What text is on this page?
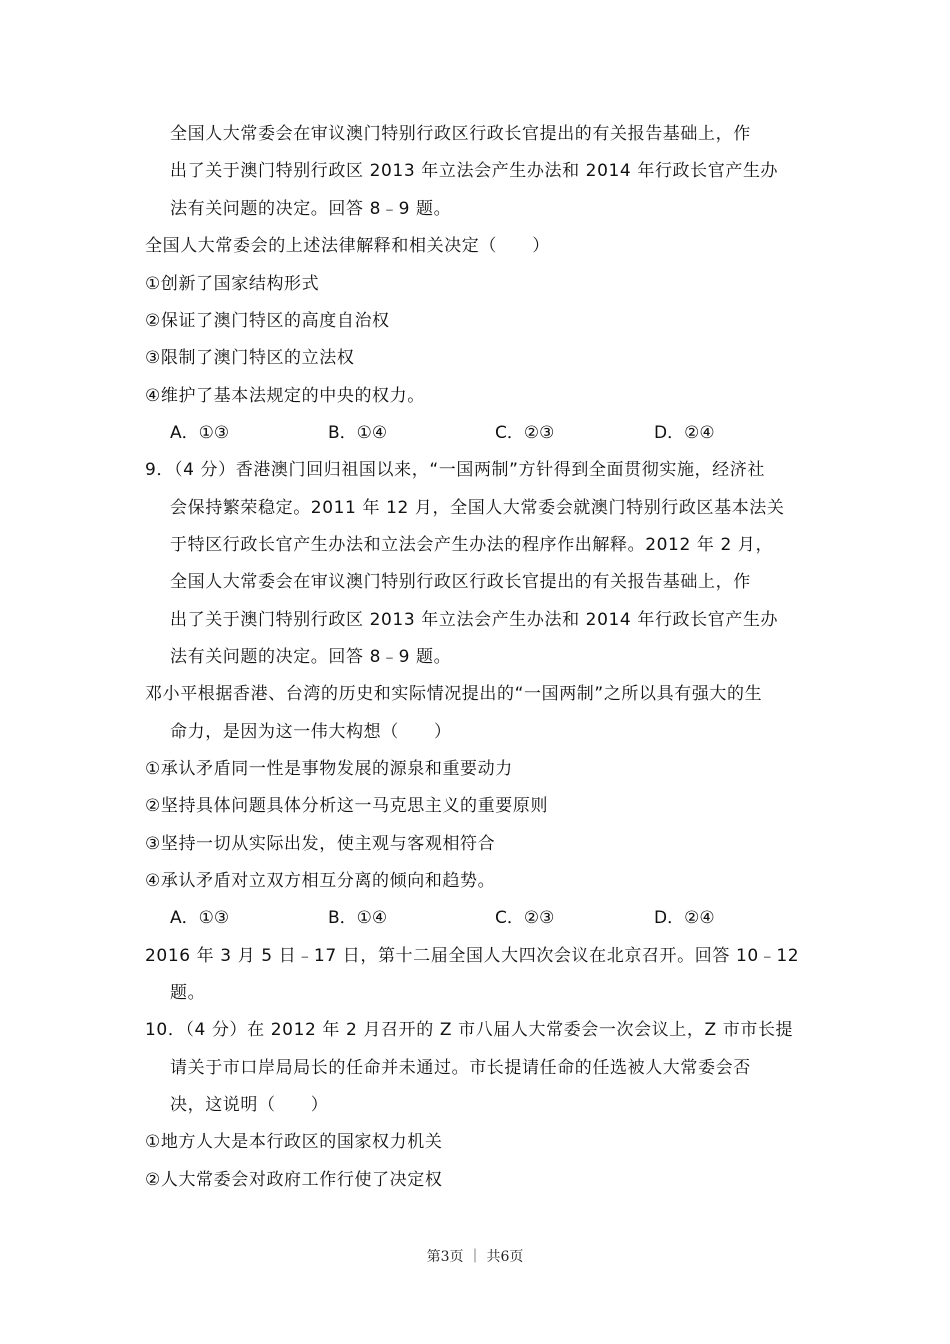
全国人大常委会在审议澳门特别行政区行政长官提出的有关报告基础上，作
出了关于澳门特别行政区 2013 年立法会产生办法和 2014 年行政长官产生办
法有关问题的决定。回答 8﹣9 题。
全国人大常委会的上述法律解释和相关决定（　　）
①创新了国家结构形式
②保证了澳门特区的高度自治权
③限制了澳门特区的立法权
④维护了基本法规定的中央的权力。
A．①③	B．①④	C．②③	D．②④
9．（4 分）香港澳门回归祖国以来，“一国两制”方针得到全面贯彻实施，经济社
会保持繁荣稳定。2011 年 12 月，全国人大常委会就澳门特别行政区基本法关
于特区行政长官产生办法和立法会产生办法的程序作出解释。2012 年 2 月，
全国人大常委会在审议澳门特别行政区行政长官提出的有关报告基础上，作
出了关于澳门特别行政区 2013 年立法会产生办法和 2014 年行政长官产生办
法有关问题的决定。回答 8﹣9 题。
邓小平根据香港、台湾的历史和实际情况提出的“一国两制”之所以具有强大的生
命力，是因为这一伟大构想（　　）
①承认矛盾同一性是事物发展的源泉和重要动力
②坚持具体问题具体分析这一马克思主义的重要原则
③坚持一切从实际出发，使主观与客观相符合
④承认矛盾对立双方相互分离的倾向和趋势。
A．①③	B．①④	C．②③	D．②④
2016 年 3 月 5 日﹣17 日，第十二届全国人大四次会议在北京召开。回答 10﹣12
题。
10．（4 分）在 2012 年 2 月召开的 Z 市八届人大常委会一次会议上，Z 市市长提
请关于市口岸局局长的任命并未通过。市长提请任命的任选被人大常委会否
决，这说明（　　）
①地方人大是本行政区的国家权力机关
②人大常委会对政府工作行使了决定权
第3页 ｜ 共6页
